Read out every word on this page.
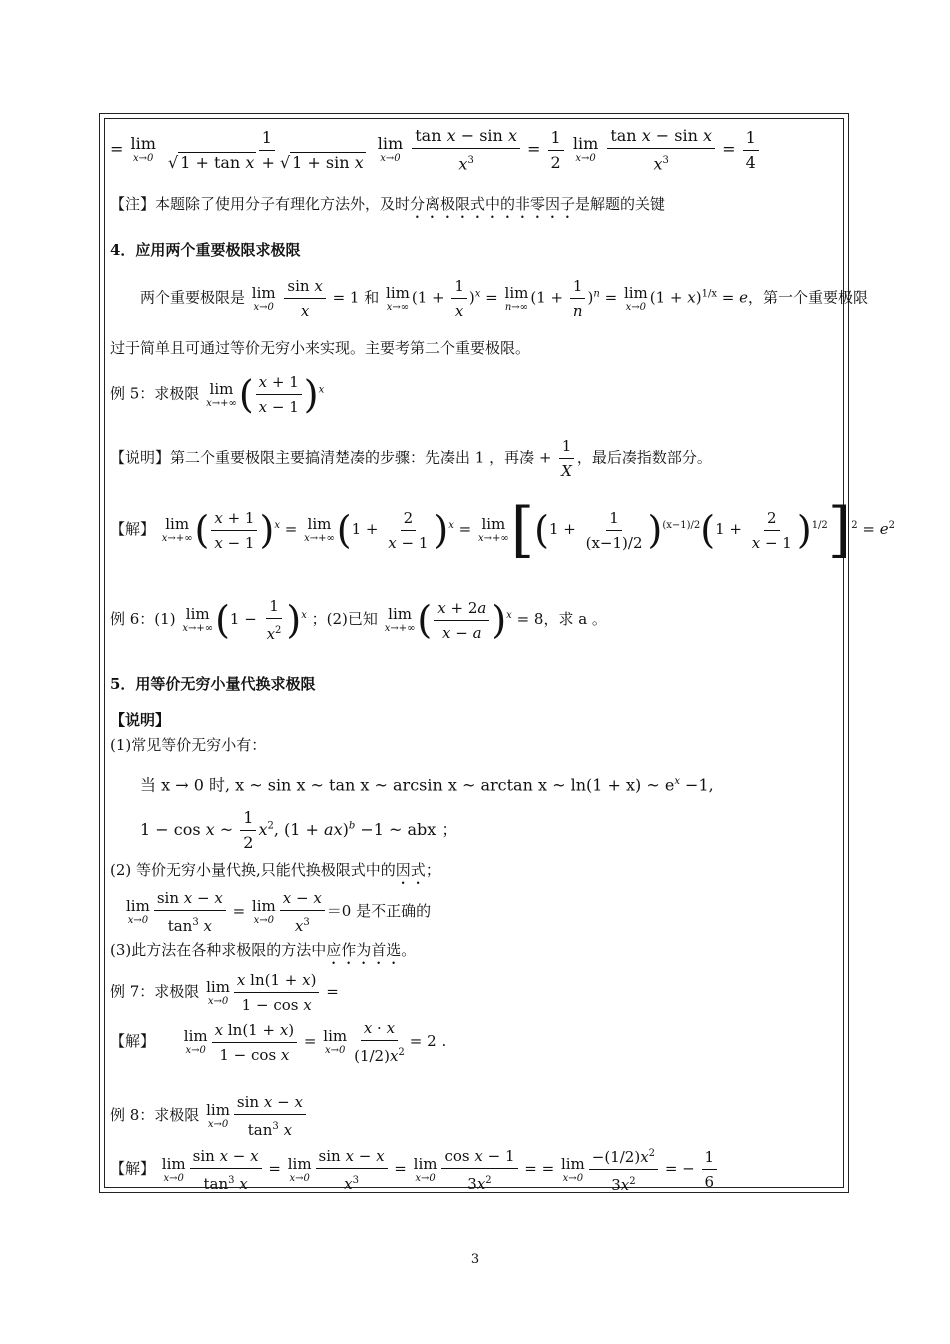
= lim
x→0
$\frac{1}{\text{√ 1 + tan x + √ 1 + sin x}}$
lim
x→0
$\frac{\text{tan x − sin x}}{x^3} = \frac{1}{2}$
lim
x→0
$\frac{\text{tan x − sin x}}{x^3} = \frac{1}{4}$
【注】本题除了使用分子有理化方法外，及时分离极限式中的非零因子是解题的关键
4．应用两个重要极限求极限
两个重要极限是 lim
x→0
$\frac{\text{sin x}}{x} = 1$ 和 lim
x→∞
$(1 + \frac{1}{x} )^x = \lim$
n→∞
$(1 + \frac{1}{n} )^n = \lim$
x→0
$(1 + x)^{1/x} = e$，第一个重要极限
过于简单且可通过等价无穷小来实现。主要考第二个重要极限。
例 5：求极限 lim
x→+∞ ( $\frac{x + 1}{x - 1} )^x$
【说明】第二个重要极限主要搞清楚凑的步骤：先凑出 1 ，再凑 + $\frac{1}{X}$ ，最后凑指数部分。
【解】 lim
x→+∞ ( $\frac{x + 1}{x - 1} )^x = \lim$
x→+∞ $(1 + \frac{2}{x - 1} )^x = \lim$
x→+∞ $[(1 + \frac{1}{(x-1)/2} )^{(x-1)/2}(1 + \frac{2}{x - 1} )^{1/2}]^2 = e^2$
例 6：(1) lim
x→+∞ $(1 - \frac{1}{x^2} )^x$ ；(2)已知 lim
x→+∞ ( $\frac{x + 2a}{x - a} )^x = 8$，求 a 。
5．用等价无穷小量代换求极限
【说明】
(1)常见等价无穷小有：
当 x → 0 时, x ~ sin x ~ tan x ~ arcsin x ~ arctan x ~ ln(1 + x) ~ $e^x -1$,
1 − cos x ~ $\frac{1}{2} x^2$, (1 + ax)$^b$ −1 ~ abx ；
(2) 等价无穷小量代换,只能代换极限式中的因式；
lim
$x\to 0 \frac{\text{sin x − x}}{\tan^3 x} = \lim$
$x\to 0 \frac{x - x}{x^3} =0$ 是不正确的
(3)此方法在各种求极限的方法中应作为首选。
例 7：求极限 lim
$x\to 0 \frac{\text{x ln(1 + x)}}{\text{1 − cos x}}$ =
【解】 lim
$x\to 0 \frac{\text{x ln(1 + x)}}{\text{1 − cos x}} = \lim$
$x\to 0 \frac{x \cdot x}{(1/2)x^2} = 2$ .
例 8：求极限 lim
$x\to 0 \frac{\text{sin x − x}}{\tan^3 x}$
【解】 lim
$x\to 0 \frac{\text{sin x − x}}{\tan^3 x} = \lim$
$x\to 0 \frac{\text{sin x − x}}{x^3} = \lim$
$x\to 0 \frac{\text{cos x − 1}}{3x^2}$ = = lim
$x\to 0 \frac{-(1/2)x^2}{3x^2}$ = − $\frac{1}{6}$
3
